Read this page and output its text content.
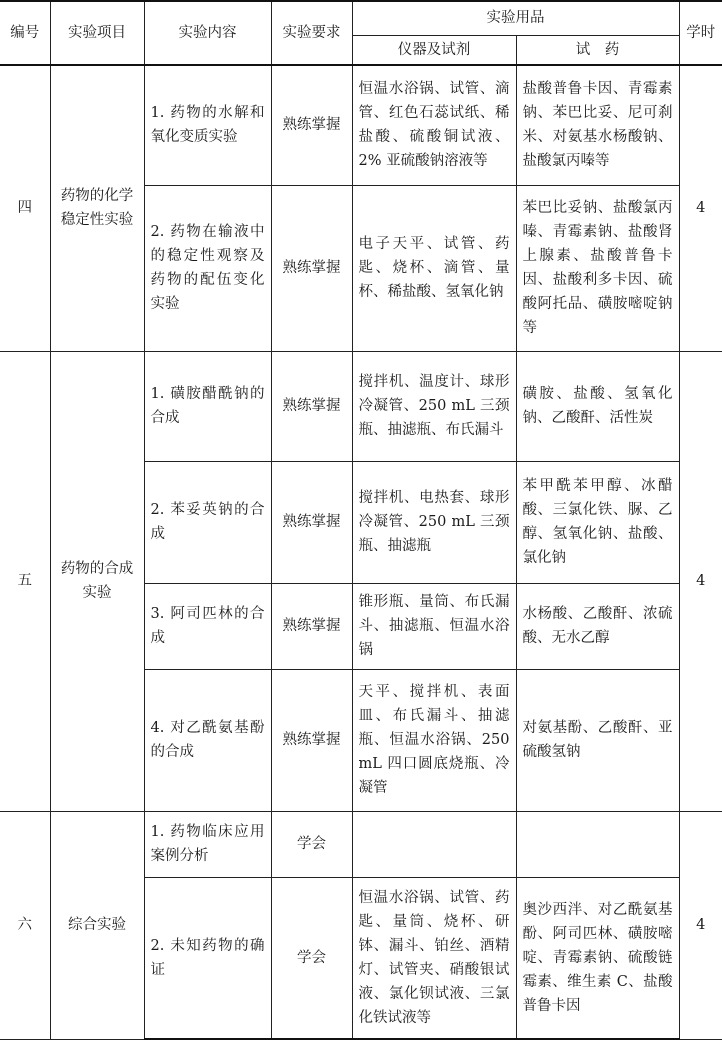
编号	实验项目	实验内容	实验要求	实验用品		学时
				仪器及试剂	试　药	
四	药物的化学稳定性实验	1. 药物的水解和氧化变质实验	熟练掌握	恒温水浴锅、试管、滴管、红色石蕊试纸、稀盐酸、硫酸铜试液、2% 亚硫酸钠溶液等	盐酸普鲁卡因、青霉素钠、苯巴比妥、尼可刹米、对氨基水杨酸钠、盐酸氯丙嗪等	4
		2. 药物在输液中的稳定性观察及药物的配伍变化实验	熟练掌握	电子天平、试管、药匙、烧杯、滴管、量杯、稀盐酸、氢氧化钠	苯巴比妥钠、盐酸氯丙嗪、青霉素钠、盐酸肾上腺素、盐酸普鲁卡因、盐酸利多卡因、硫酸阿托品、磺胺嘧啶钠等	
五	药物的合成实验	1. 磺胺醋酰钠的合成	熟练掌握	搅拌机、温度计、球形冷凝管、250 mL 三颈瓶、抽滤瓶、布氏漏斗	磺胺、盐酸、氢氧化钠、乙酸酐、活性炭	4
		2. 苯妥英钠的合成	熟练掌握	搅拌机、电热套、球形冷凝管、250 mL 三颈瓶、抽滤瓶	苯甲酰苯甲醇、冰醋酸、三氯化铁、脲、乙醇、氢氧化钠、盐酸、氯化钠	
		3. 阿司匹林的合成	熟练掌握	锥形瓶、量筒、布氏漏斗、抽滤瓶、恒温水浴锅	水杨酸、乙酸酐、浓硫酸、无水乙醇	
		4. 对乙酰氨基酚的合成	熟练掌握	天平、搅拌机、表面皿、布氏漏斗、抽滤瓶、恒温水浴锅、250 mL 四口圆底烧瓶、冷凝管	对氨基酚、乙酸酐、亚硫酸氢钠	
六	综合实验	1. 药物临床应用案例分析	学会			4
		2. 未知药物的确证	学会	恒温水浴锅、试管、药匙、量筒、烧杯、研钵、漏斗、铂丝、酒精灯、试管夹、硝酸银试液、氯化钡试液、三氯化铁试液等	奥沙西泮、对乙酰氨基酚、阿司匹林、磺胺嘧啶、青霉素钠、硫酸链霉素、维生素 C、盐酸普鲁卡因	
